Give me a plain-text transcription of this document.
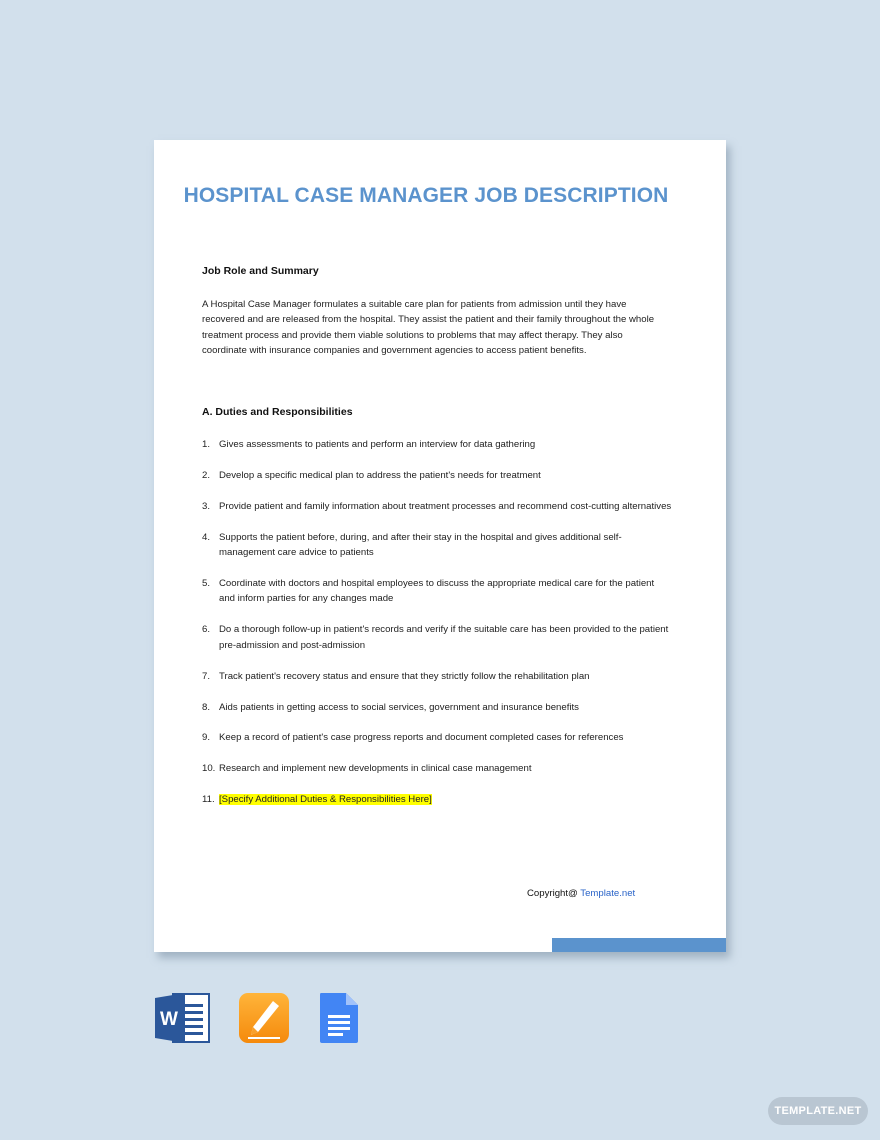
HOSPITAL CASE MANAGER JOB DESCRIPTION
Job Role and Summary

A Hospital Case Manager formulates a suitable care plan for patients from admission until they have recovered and are released from the hospital. They assist the patient and their family throughout the whole treatment process and provide them viable solutions to problems that may affect therapy. They also coordinate with insurance companies and government agencies to access patient benefits.

A. Duties and Responsibilities
1. Gives assessments to patients and perform an interview for data gathering
2. Develop a specific medical plan to address the patient's needs for treatment
3. Provide patient and family information about treatment processes and recommend cost-cutting alternatives
4. Supports the patient before, during, and after their stay in the hospital and gives additional self-management care advice to patients
5. Coordinate with doctors and hospital employees to discuss the appropriate medical care for the patient and inform parties for any changes made
6. Do a thorough follow-up in patient's records and verify if the suitable care has been provided to the patient pre-admission and post-admission
7. Track patient's recovery status and ensure that they strictly follow the rehabilitation plan
8. Aids patients in getting access to social services, government and insurance benefits
9. Keep a record of patient's case progress reports and document completed cases for references
10. Research and implement new developments in clinical case management
11. [Specify Additional Duties & Responsibilities Here]
Copyright@ Template.net
W
TEMPLATE.NET
